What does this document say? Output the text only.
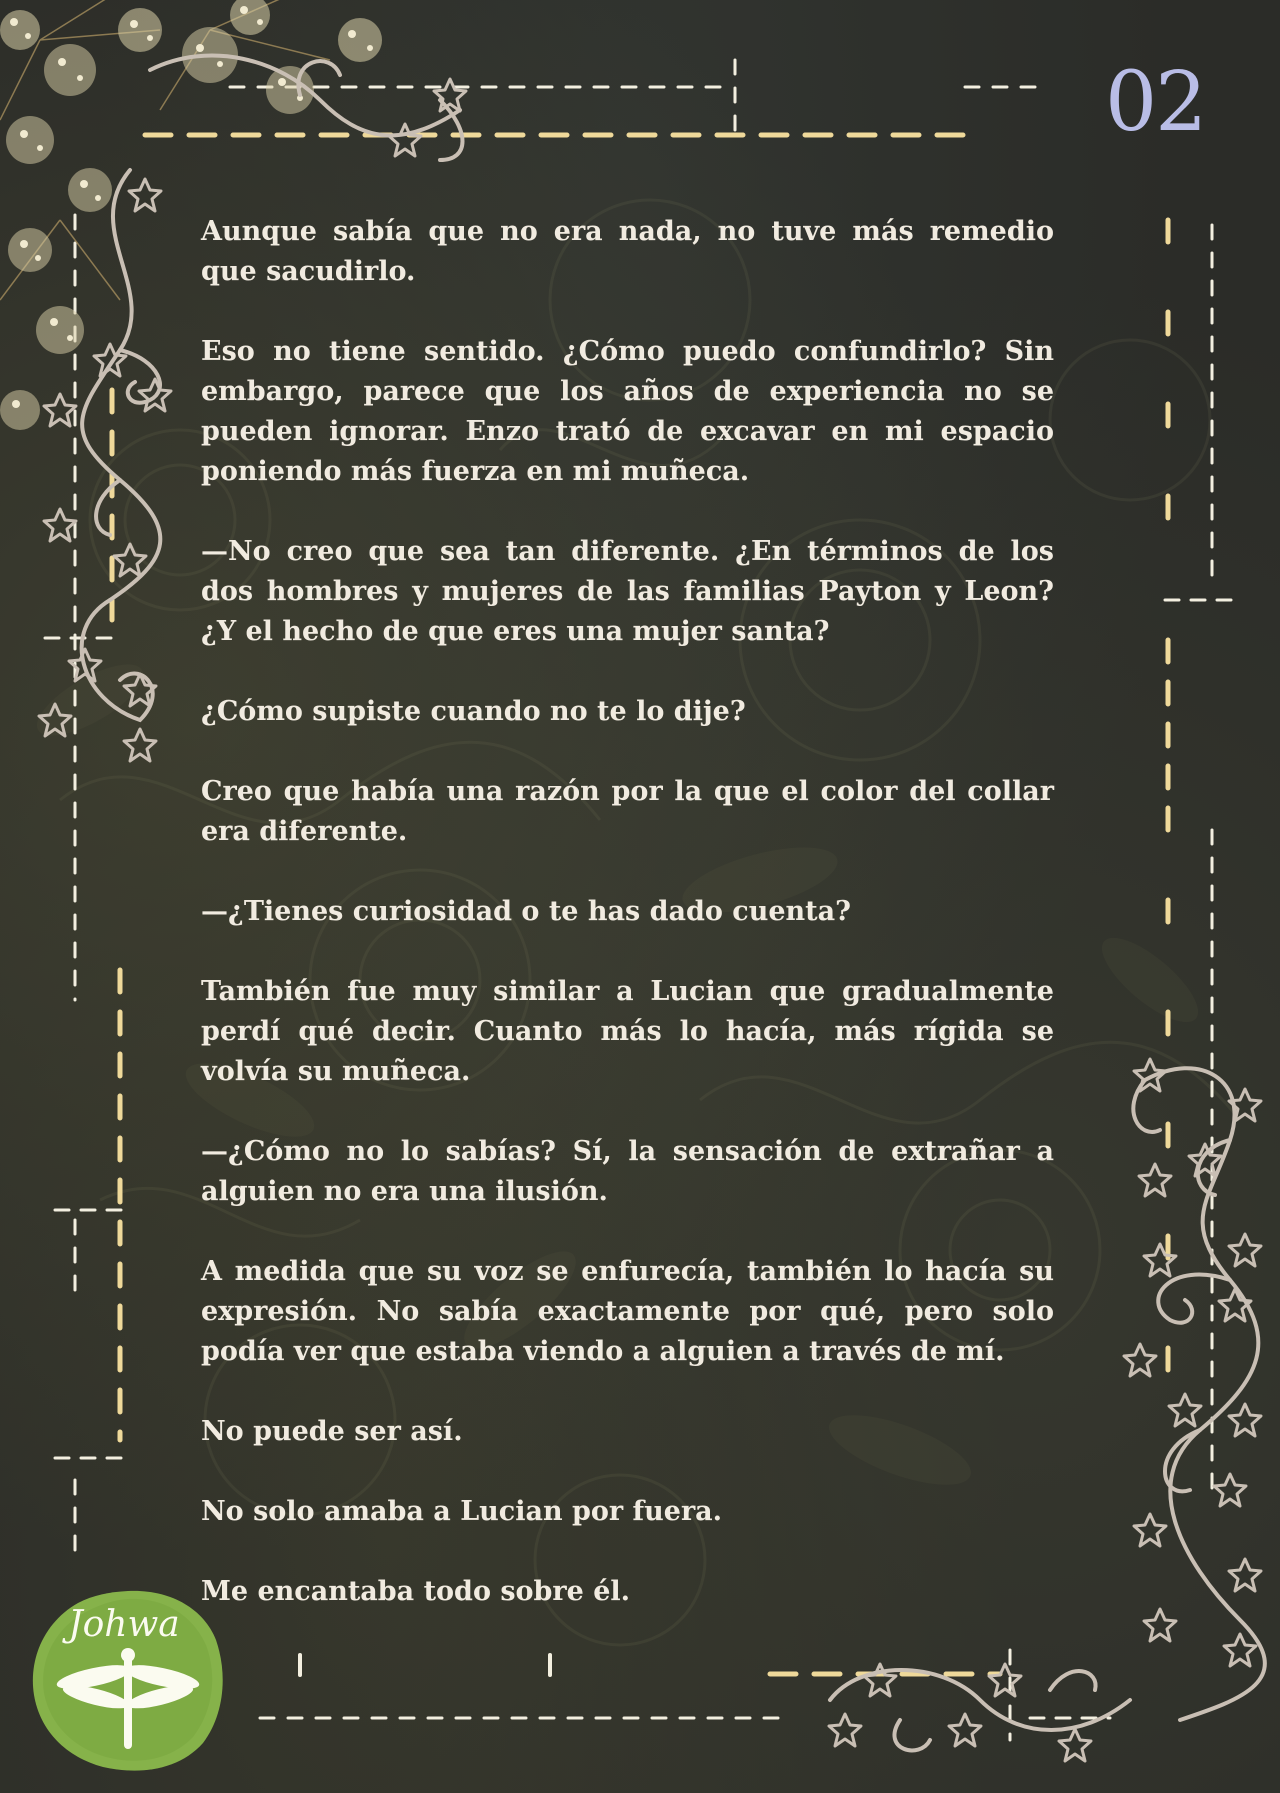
02

Aunque sabía que no era nada, no tuve más remedio que sacudirlo.

Eso no tiene sentido. ¿Cómo puedo confundirlo? Sin embargo, parece que los años de experiencia no se pueden ignorar. Enzo trató de excavar en mi espacio poniendo más fuerza en mi muñeca.

—No creo que sea tan diferente. ¿En términos de los dos hombres y mujeres de las familias Payton y Leon? ¿Y el hecho de que eres una mujer santa?

¿Cómo supiste cuando no te lo dije?

Creo que había una razón por la que el color del collar era diferente.

—¿Tienes curiosidad o te has dado cuenta?

También fue muy similar a Lucian que gradualmente perdí qué decir. Cuanto más lo hacía, más rígida se volvía su muñeca.

—¿Cómo no lo sabías? Sí, la sensación de extrañar a alguien no era una ilusión.

A medida que su voz se enfurecía, también lo hacía su expresión. No sabía exactamente por qué, pero solo podía ver que estaba viendo a alguien a través de mí.

No puede ser así.

No solo amaba a Lucian por fuera.

Me encantaba todo sobre él.

Johwa
